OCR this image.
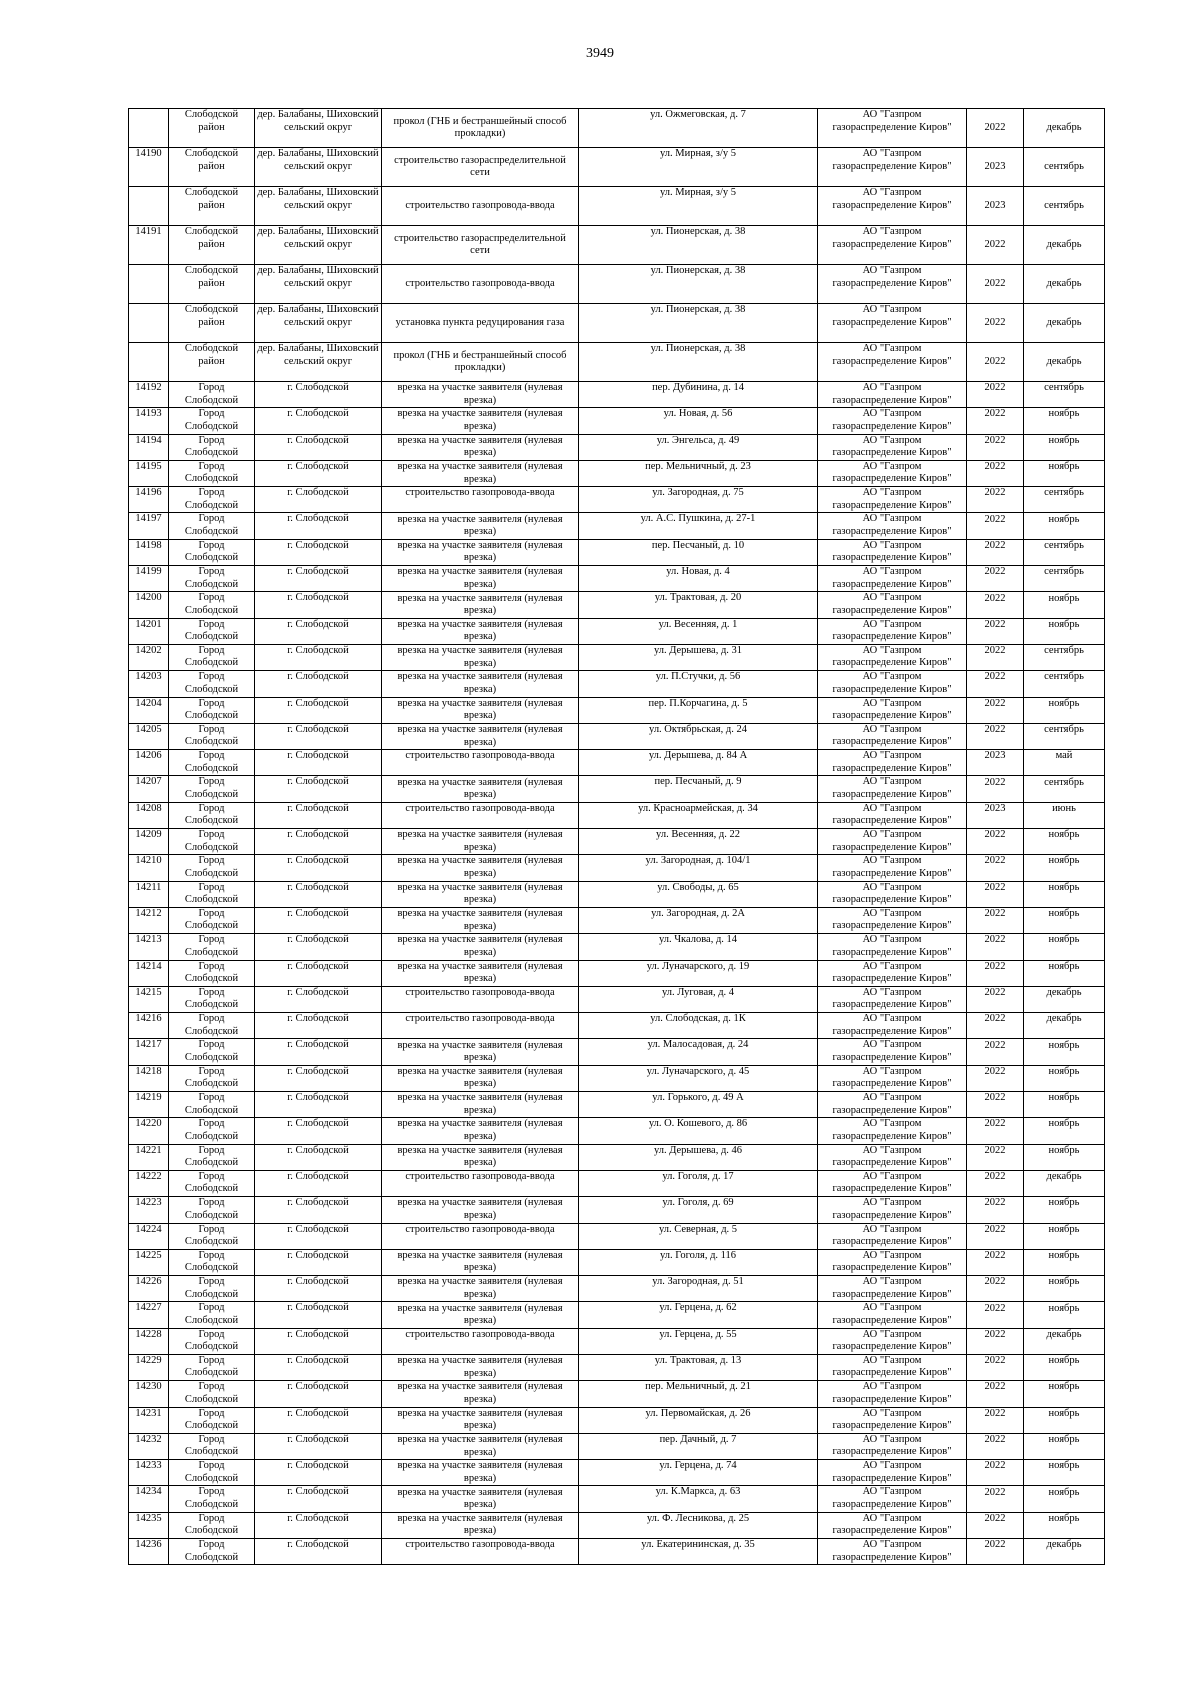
3949

	Слободской район	дер. Балабаны, Шиховский сельский округ	прокол (ГНБ и бестраншейный способ прокладки)	ул. Ожмеговская, д. 7	АО "Газпром газораспределение Киров"	2022	декабрь

14190	Слободской район	дер. Балабаны, Шиховский сельский округ	строительство газораспределительной сети	ул. Мирная, з/у 5	АО "Газпром газораспределение Киров"	2023	сентябрь

	Слободской район	дер. Балабаны, Шиховский сельский округ	строительство газопровода-ввода	ул. Мирная, з/у 5	АО "Газпром газораспределение Киров"	2023	сентябрь

14191	Слободской район	дер. Балабаны, Шиховский сельский округ	строительство газораспределительной сети	ул. Пионерская, д. 38	АО "Газпром газораспределение Киров"	2022	декабрь

	Слободской район	дер. Балабаны, Шиховский сельский округ	строительство газопровода-ввода	ул. Пионерская, д. 38	АО "Газпром газораспределение Киров"	2022	декабрь

	Слободской район	дер. Балабаны, Шиховский сельский округ	установка пункта редуцирования газа	ул. Пионерская, д. 38	АО "Газпром газораспределение Киров"	2022	декабрь

	Слободской район	дер. Балабаны, Шиховский сельский округ	прокол (ГНБ и бестраншейный способ прокладки)	ул. Пионерская, д. 38	АО "Газпром газораспределение Киров"	2022	декабрь

14192	Город Слободской	г. Слободской	врезка на участке заявителя (нулевая врезка)	пер. Дубинина, д. 14	АО "Газпром газораспределение Киров"	2022	сентябрь

14193	Город Слободской	г. Слободской	врезка на участке заявителя (нулевая врезка)	ул. Новая, д. 56	АО "Газпром газораспределение Киров"	2022	ноябрь

14194	Город Слободской	г. Слободской	врезка на участке заявителя (нулевая врезка)	ул. Энгельса, д. 49	АО "Газпром газораспределение Киров"	2022	ноябрь

14195	Город Слободской	г. Слободской	врезка на участке заявителя (нулевая врезка)	пер. Мельничный, д. 23	АО "Газпром газораспределение Киров"	2022	ноябрь

14196	Город Слободской	г. Слободской	строительство газопровода-ввода	ул. Загородная, д. 75	АО "Газпром газораспределение Киров"	2022	сентябрь

14197	Город Слободской	г. Слободской	врезка на участке заявителя (нулевая врезка)	ул. А.С. Пушкина, д. 27-1	АО "Газпром газораспределение Киров"	2022	ноябрь

14198	Город Слободской	г. Слободской	врезка на участке заявителя (нулевая врезка)	пер. Песчаный, д. 10	АО "Газпром газораспределение Киров"	2022	сентябрь

14199	Город Слободской	г. Слободской	врезка на участке заявителя (нулевая врезка)	ул. Новая, д. 4	АО "Газпром газораспределение Киров"	2022	сентябрь

14200	Город Слободской	г. Слободской	врезка на участке заявителя (нулевая врезка)	ул. Трактовая, д. 20	АО "Газпром газораспределение Киров"	2022	ноябрь

14201	Город Слободской	г. Слободской	врезка на участке заявителя (нулевая врезка)	ул. Весенняя, д. 1	АО "Газпром газораспределение Киров"	2022	ноябрь

14202	Город Слободской	г. Слободской	врезка на участке заявителя (нулевая врезка)	ул. Дерышева, д. 31	АО "Газпром газораспределение Киров"	2022	сентябрь

14203	Город Слободской	г. Слободской	врезка на участке заявителя (нулевая врезка)	ул. П.Стучки, д. 56	АО "Газпром газораспределение Киров"	2022	сентябрь

14204	Город Слободской	г. Слободской	врезка на участке заявителя (нулевая врезка)	пер. П.Корчагина, д. 5	АО "Газпром газораспределение Киров"	2022	ноябрь

14205	Город Слободской	г. Слободской	врезка на участке заявителя (нулевая врезка)	ул. Октябрьская, д. 24	АО "Газпром газораспределение Киров"	2022	сентябрь

14206	Город Слободской	г. Слободской	строительство газопровода-ввода	ул. Дерышева, д. 84 А	АО "Газпром газораспределение Киров"	2023	май

14207	Город Слободской	г. Слободской	врезка на участке заявителя (нулевая врезка)	пер. Песчаный, д. 9	АО "Газпром газораспределение Киров"	2022	сентябрь

14208	Город Слободской	г. Слободской	строительство газопровода-ввода	ул. Красноармейская, д. 34	АО "Газпром газораспределение Киров"	2023	июнь

14209	Город Слободской	г. Слободской	врезка на участке заявителя (нулевая врезка)	ул. Весенняя, д. 22	АО "Газпром газораспределение Киров"	2022	ноябрь

14210	Город Слободской	г. Слободской	врезка на участке заявителя (нулевая врезка)	ул. Загородная, д. 104/1	АО "Газпром газораспределение Киров"	2022	ноябрь

14211	Город Слободской	г. Слободской	врезка на участке заявителя (нулевая врезка)	ул. Свободы, д. 65	АО "Газпром газораспределение Киров"	2022	ноябрь

14212	Город Слободской	г. Слободской	врезка на участке заявителя (нулевая врезка)	ул. Загородная, д. 2А	АО "Газпром газораспределение Киров"	2022	ноябрь

14213	Город Слободской	г. Слободской	врезка на участке заявителя (нулевая врезка)	ул. Чкалова, д. 14	АО "Газпром газораспределение Киров"	2022	ноябрь

14214	Город Слободской	г. Слободской	врезка на участке заявителя (нулевая врезка)	ул. Луначарского, д. 19	АО "Газпром газораспределение Киров"	2022	ноябрь

14215	Город Слободской	г. Слободской	строительство газопровода-ввода	ул. Луговая, д. 4	АО "Газпром газораспределение Киров"	2022	декабрь

14216	Город Слободской	г. Слободской	строительство газопровода-ввода	ул. Слободская, д. 1К	АО "Газпром газораспределение Киров"	2022	декабрь

14217	Город Слободской	г. Слободской	врезка на участке заявителя (нулевая врезка)	ул. Малосадовая, д. 24	АО "Газпром газораспределение Киров"	2022	ноябрь

14218	Город Слободской	г. Слободской	врезка на участке заявителя (нулевая врезка)	ул. Луначарского, д. 45	АО "Газпром газораспределение Киров"	2022	ноябрь

14219	Город Слободской	г. Слободской	врезка на участке заявителя (нулевая врезка)	ул. Горького, д. 49 А	АО "Газпром газораспределение Киров"	2022	ноябрь

14220	Город Слободской	г. Слободской	врезка на участке заявителя (нулевая врезка)	ул. О. Кошевого, д. 86	АО "Газпром газораспределение Киров"	2022	ноябрь

14221	Город Слободской	г. Слободской	врезка на участке заявителя (нулевая врезка)	ул. Дерышева, д. 46	АО "Газпром газораспределение Киров"	2022	ноябрь

14222	Город Слободской	г. Слободской	строительство газопровода-ввода	ул. Гоголя, д. 17	АО "Газпром газораспределение Киров"	2022	декабрь

14223	Город Слободской	г. Слободской	врезка на участке заявителя (нулевая врезка)	ул. Гоголя, д. 69	АО "Газпром газораспределение Киров"	2022	ноябрь

14224	Город Слободской	г. Слободской	строительство газопровода-ввода	ул. Северная, д. 5	АО "Газпром газораспределение Киров"	2022	ноябрь

14225	Город Слободской	г. Слободской	врезка на участке заявителя (нулевая врезка)	ул. Гоголя, д. 116	АО "Газпром газораспределение Киров"	2022	ноябрь

14226	Город Слободской	г. Слободской	врезка на участке заявителя (нулевая врезка)	ул. Загородная, д. 51	АО "Газпром газораспределение Киров"	2022	ноябрь

14227	Город Слободской	г. Слободской	врезка на участке заявителя (нулевая врезка)	ул. Герцена, д. 62	АО "Газпром газораспределение Киров"	2022	ноябрь

14228	Город Слободской	г. Слободской	строительство газопровода-ввода	ул. Герцена, д. 55	АО "Газпром газораспределение Киров"	2022	декабрь

14229	Город Слободской	г. Слободской	врезка на участке заявителя (нулевая врезка)	ул. Трактовая, д. 13	АО "Газпром газораспределение Киров"	2022	ноябрь

14230	Город Слободской	г. Слободской	врезка на участке заявителя (нулевая врезка)	пер. Мельничный, д. 21	АО "Газпром газораспределение Киров"	2022	ноябрь

14231	Город Слободской	г. Слободской	врезка на участке заявителя (нулевая врезка)	ул. Первомайская, д. 26	АО "Газпром газораспределение Киров"	2022	ноябрь

14232	Город Слободской	г. Слободской	врезка на участке заявителя (нулевая врезка)	пер. Дачный, д. 7	АО "Газпром газораспределение Киров"	2022	ноябрь

14233	Город Слободской	г. Слободской	врезка на участке заявителя (нулевая врезка)	ул. Герцена, д. 74	АО "Газпром газораспределение Киров"	2022	ноябрь

14234	Город Слободской	г. Слободской	врезка на участке заявителя (нулевая врезка)	ул. К.Маркса, д. 63	АО "Газпром газораспределение Киров"	2022	ноябрь

14235	Город Слободской	г. Слободской	врезка на участке заявителя (нулевая врезка)	ул. Ф. Лесникова, д. 25	АО "Газпром газораспределение Киров"	2022	ноябрь

14236	Город Слободской	г. Слободской	строительство газопровода-ввода	ул. Екатерининская, д. 35	АО "Газпром газораспределение Киров"	2022	декабрь
